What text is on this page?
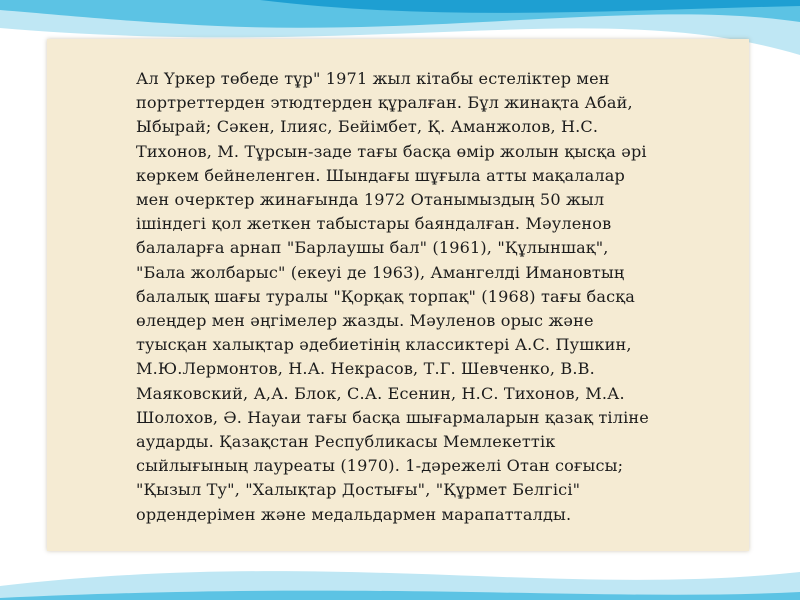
Ал Үркер төбеде тұр" 1971 жыл кітабы естеліктер мен
портреттерден этюдтерден құралған. Бұл жинақта Абай,
Ыбырай; Сәкен, Ілияс, Бейімбет, Қ. Аманжолов, Н.С.
Тихонов, М. Тұрсын-заде тағы басқа өмір жолын қысқа әрі
көркем бейнеленген. Шындағы шұғыла атты мақалалар
мен очерктер жинағында 1972 Отанымыздың 50 жыл
ішіндегі қол жеткен табыстары баяндалған. Мәуленов
балаларға арнап "Барлаушы бал" (1961), "Құлыншақ",
"Бала жолбарыс" (екеуі де 1963), Амангелді Имановтың
балалық шағы туралы "Қорқақ торпақ" (1968) тағы басқа
өлеңдер мен әңгімелер жазды. Мәуленов орыс және
туысқан халықтар әдебиетінің классиктері А.С. Пушкин,
М.Ю.Лермонтов, Н.А. Некрасов, Т.Г. Шевченко, В.В.
Маяковский, А,А. Блок, С.А. Есенин, Н.С. Тихонов, М.А.
Шолохов, Ә. Науаи тағы басқа шығармаларын қазақ тіліне
аударды. Қазақстан Республикасы Мемлекеттік
сыйлығының лауреаты (1970). 1-дәрежелі Отан соғысы;
"Қызыл Ту", "Халықтар Достығы", "Құрмет Белгісі"
ордендерімен және медальдармен марапатталды.
